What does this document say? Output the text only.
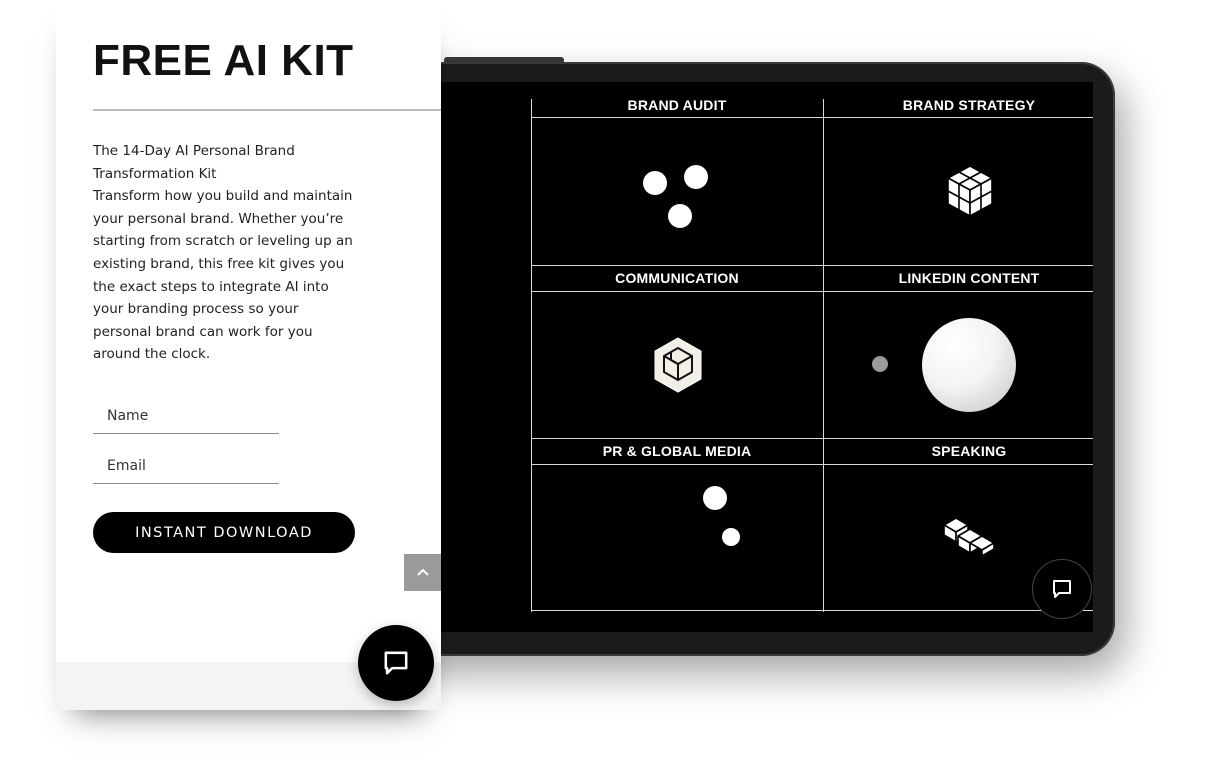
BRAND AUDIT	BRAND STRATEGY
COMMUNICATION	LINKEDIN CONTENT
PR & GLOBAL MEDIA	SPEAKING
FREE AI KIT
The 14-Day AI Personal Brand Transformation Kit
Transform how you build and maintain your personal brand. Whether you’re starting from scratch or leveling up an existing brand, this free kit gives you the exact steps to integrate AI into your branding process so your personal brand can work for you around the clock.
Name
Email
INSTANT DOWNLOAD
